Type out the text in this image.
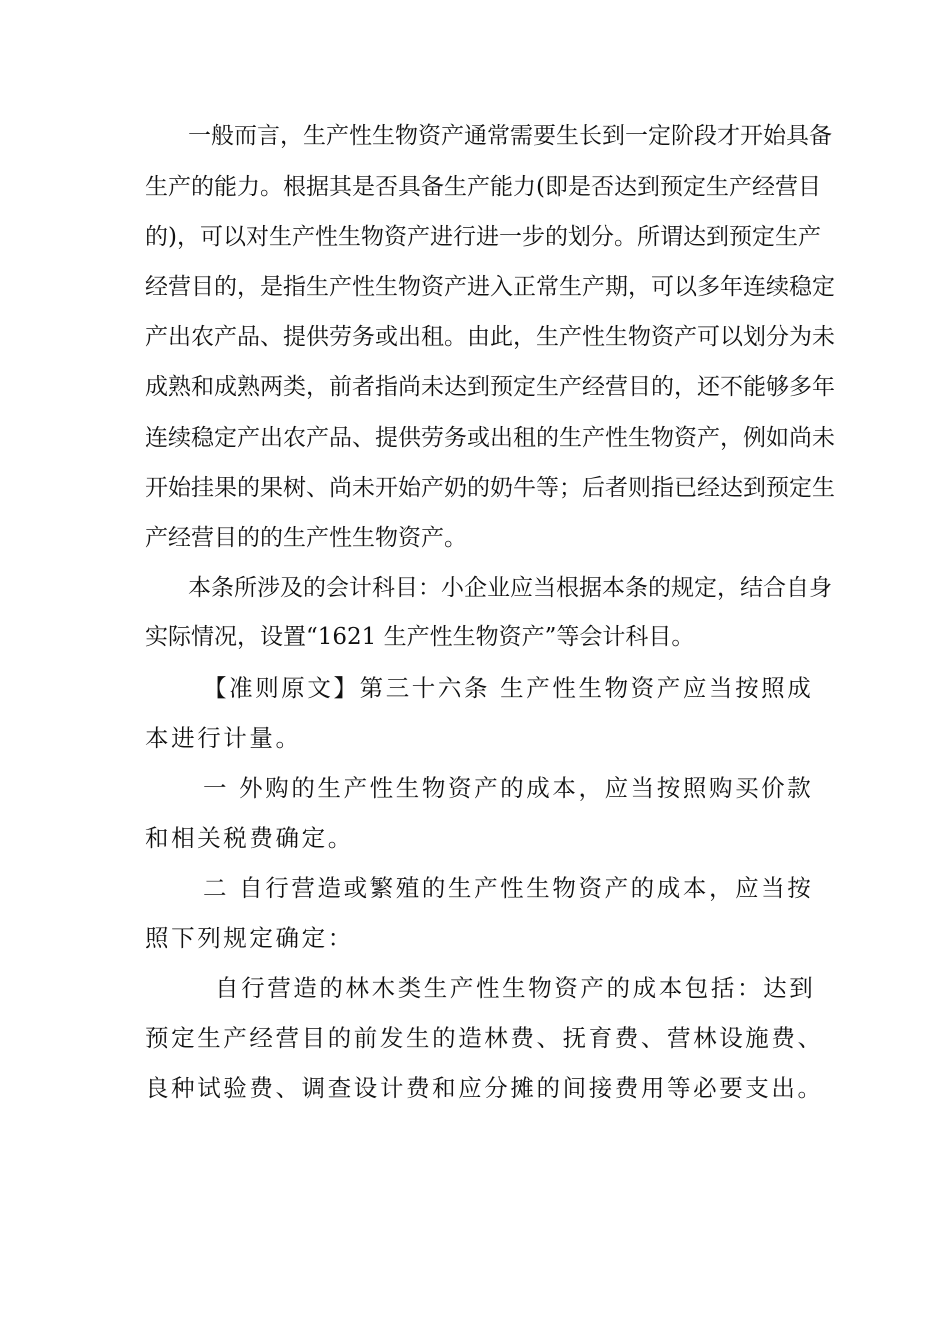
一般而言，生产性生物资产通常需要生长到一定阶段才开始具备
生产的能力。根据其是否具备生产能力(即是否达到预定生产经营目
的)，可以对生产性生物资产进行进一步的划分。所谓达到预定生产
经营目的，是指生产性生物资产进入正常生产期，可以多年连续稳定
产出农产品、提供劳务或出租。由此，生产性生物资产可以划分为未
成熟和成熟两类，前者指尚未达到预定生产经营目的，还不能够多年
连续稳定产出农产品、提供劳务或出租的生产性生物资产，例如尚未
开始挂果的果树、尚未开始产奶的奶牛等；后者则指已经达到预定生
产经营目的的生产性生物资产。
本条所涉及的会计科目：小企业应当根据本条的规定，结合自身
实际情况，设置“1621 生产性生物资产”等会计科目。
【准则原文】第三十六条 生产性生物资产应当按照成
本进行计量。
一 外购的生产性生物资产的成本，应当按照购买价款
和相关税费确定。
二 自行营造或繁殖的生产性生物资产的成本，应当按
照下列规定确定：
自行营造的林木类生产性生物资产的成本包括：达到
预定生产经营目的前发生的造林费、抚育费、营林设施费、
良种试验费、调查设计费和应分摊的间接费用等必要支出。
